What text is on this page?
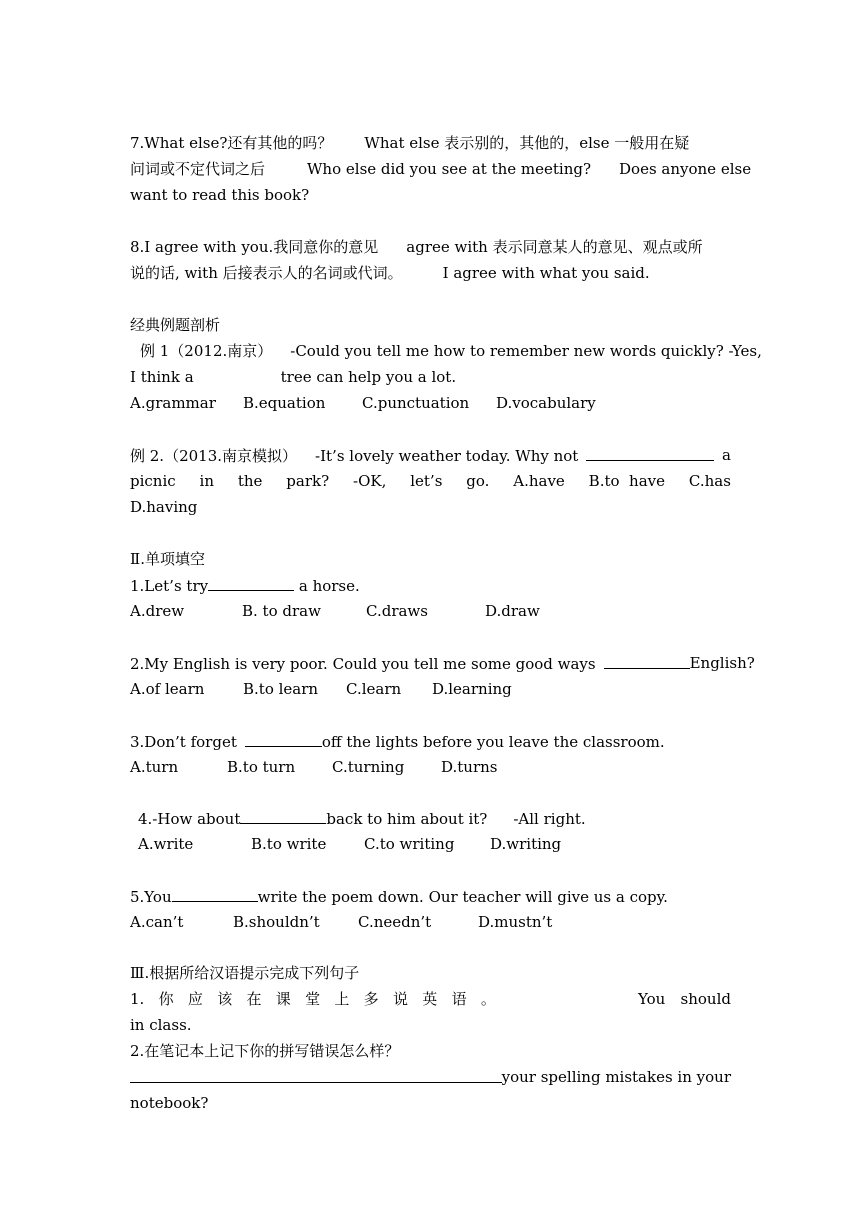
7.What else?还有其他的吗？ What else 表示别的，其他的，else 一般用在疑
问词或不定代词之后	Who else did you see at the meeting? Does anyone else
want to read this book?
8.I agree with you.我同意你的意见 agree with 表示同意某人的意见、观点或所
说的话, with 后接表示人的名词或代词。	I agree with what you said.
经典例题剖析
例 1（2012.南京） -Could you tell me how to remember new words quickly? -Yes,
I think a	tree can help you a lot.
A.grammar B.equation C.punctuation D.vocabulary
例 2.（2013.南京模拟） -It’s lovely weather today. Why not	a
picnic in the park? -OK, let’s go. A.have B.to  have C.has
D.having
Ⅱ.单项填空
1.Let’s try	a horse.
A.drew	B. to draw	C.draws	D.draw
2.My English is very poor. Could you tell me some good ways	English?
A.of learn	B.to learn C.learn D.learning
3.Don’t forget	off the lights before you leave the classroom.
A.turn	B.to turn C.turning D.turns
4.-How about	back to him about it? -All right.
A.write	B.to write	C.to writing D.writing
5.You	write the poem down. Our teacher will give us a copy.
A.can’t	B.shouldn’t	C.needn’t	D.mustn’t
Ⅲ.根据所给汉语提示完成下列句子
1. 你 应 该 在 课 堂 上 多 说 英 语 。	You should
in class.
2.在笔记本上记下你的拼写错误怎么样？
your spelling mistakes in your
notebook?
